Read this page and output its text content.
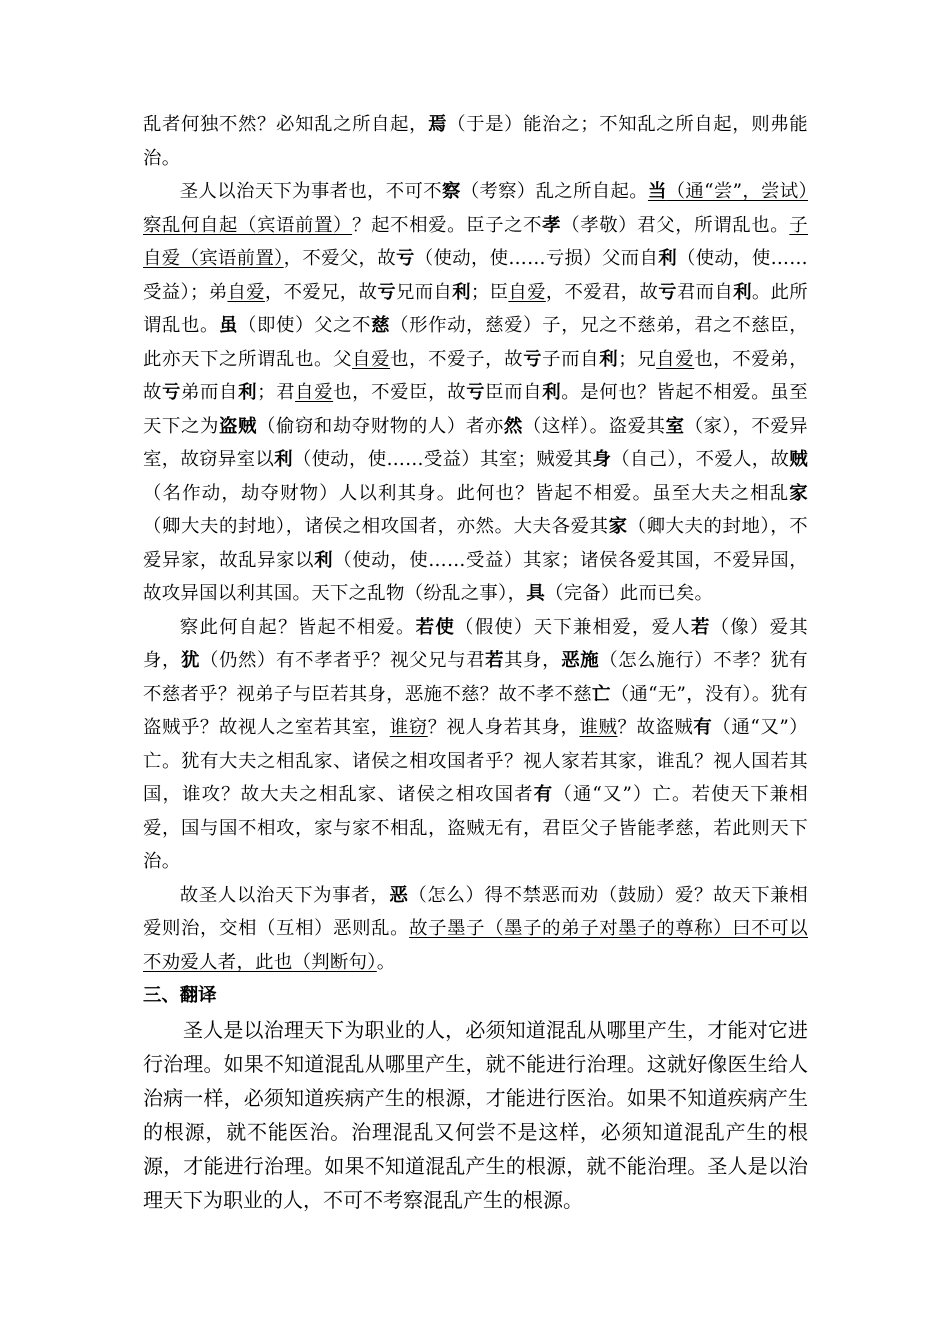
乱者何独不然？必知乱之所自起，焉（于是）能治之；不知乱之所自起，则弗能治。

圣人以治天下为事者也，不可不察（考察）乱之所自起。当（通“尝”，尝试）察乱何自起（宾语前置）？起不相爱。臣子之不孝（孝敬）君父，所谓乱也。子自爱（宾语前置），不爱父，故亏（使动，使……亏损）父而自利（使动，使……受益）；弟自爱，不爱兄，故亏兄而自利；臣自爱，不爱君，故亏君而自利。此所谓乱也。虽（即使）父之不慈（形作动，慈爱）子，兄之不慈弟，君之不慈臣，此亦天下之所谓乱也。父自爱也，不爱子，故亏子而自利；兄自爱也，不爱弟，故亏弟而自利；君自爱也，不爱臣，故亏臣而自利。是何也？皆起不相爱。虽至天下之为盗贼（偷窃和劫夺财物的人）者亦然（这样）。盗爱其室（家），不爱异室，故窃异室以利（使动，使……受益）其室；贼爱其身（自己），不爱人，故贼（名作动，劫夺财物）人以利其身。此何也？皆起不相爱。虽至大夫之相乱家（卿大夫的封地），诸侯之相攻国者，亦然。大夫各爱其家（卿大夫的封地），不爱异家，故乱异家以利（使动，使……受益）其家；诸侯各爱其国，不爱异国，故攻异国以利其国。天下之乱物（纷乱之事），具（完备）此而已矣。

察此何自起？皆起不相爱。若使（假使）天下兼相爱，爱人若（像）爱其身，犹（仍然）有不孝者乎？视父兄与君若其身，恶施（怎么施行）不孝？犹有不慈者乎？视弟子与臣若其身，恶施不慈？故不孝不慈亡（通“无”，没有）。犹有盗贼乎？故视人之室若其室，谁窃？视人身若其身，谁贼？故盗贼有（通“又”）亡。犹有大夫之相乱家、诸侯之相攻国者乎？视人家若其家，谁乱？视人国若其国，谁攻？故大夫之相乱家、诸侯之相攻国者有（通“又”）亡。若使天下兼相爱，国与国不相攻，家与家不相乱，盗贼无有，君臣父子皆能孝慈，若此则天下治。

故圣人以治天下为事者，恶（怎么）得不禁恶而劝（鼓励）爱？故天下兼相爱则治，交相（互相）恶则乱。故子墨子（墨子的弟子对墨子的尊称）曰不可以不劝爱人者，此也（判断句）。

三、翻译

圣人是以治理天下为职业的人，必须知道混乱从哪里产生，才能对它进行治理。如果不知道混乱从哪里产生，就不能进行治理。这就好像医生给人治病一样，必须知道疾病产生的根源，才能进行医治。如果不知道疾病产生的根源，就不能医治。治理混乱又何尝不是这样，必须知道混乱产生的根源，才能进行治理。如果不知道混乱产生的根源，就不能治理。圣人是以治理天下为职业的人，不可不考察混乱产生的根源。
